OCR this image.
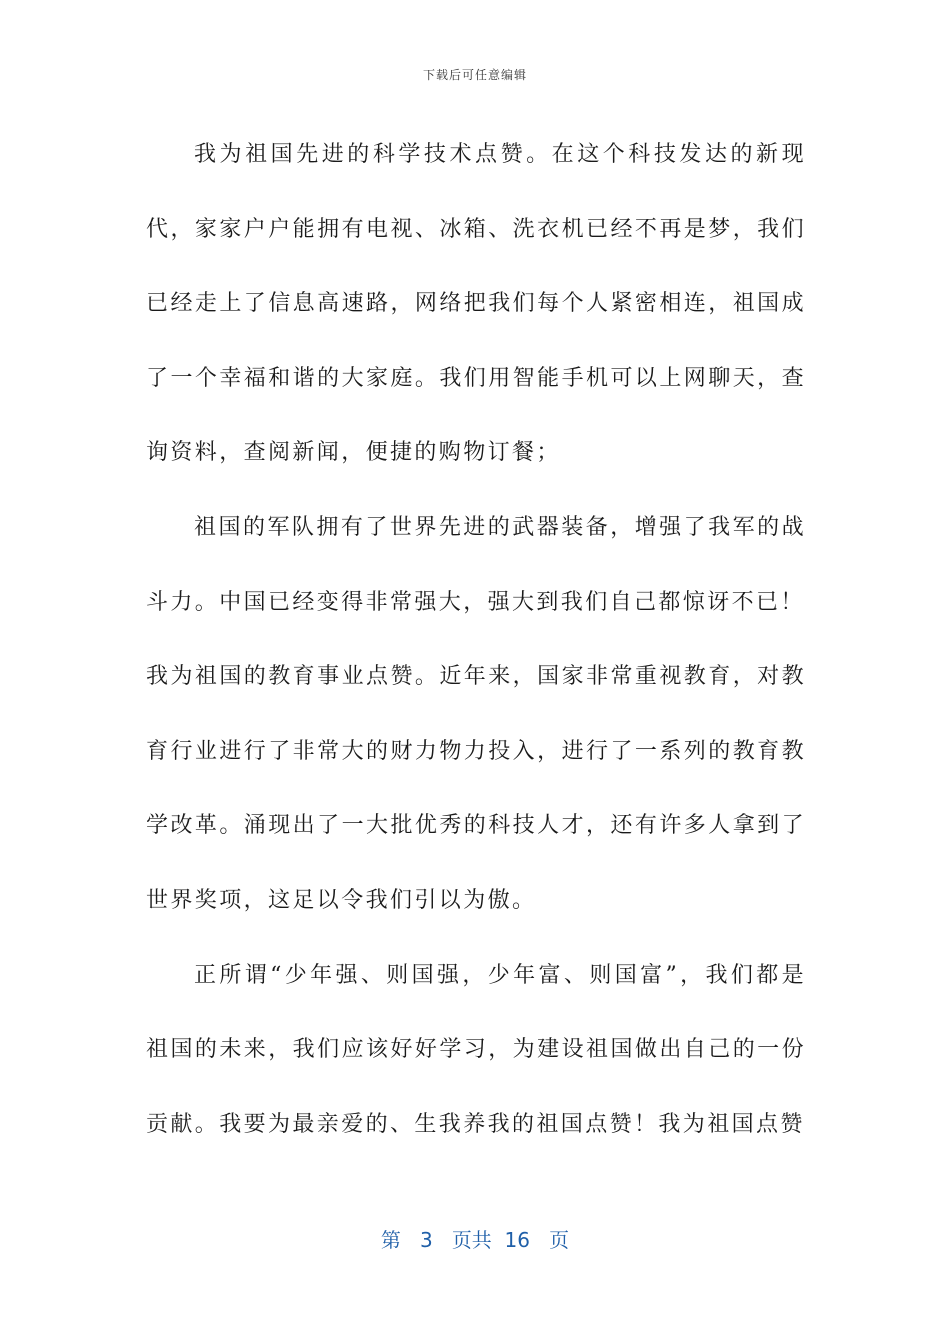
下载后可任意编辑

我为祖国先进的科学技术点赞。在这个科技发达的新现代，家家户户能拥有电视、冰箱、洗衣机已经不再是梦，我们已经走上了信息高速路，网络把我们每个人紧密相连，祖国成了一个幸福和谐的大家庭。我们用智能手机可以上网聊天，查询资料，查阅新闻，便捷的购物订餐；

祖国的军队拥有了世界先进的武器装备，增强了我军的战斗力。中国已经变得非常强大，强大到我们自己都惊讶不已！

我为祖国的教育事业点赞。近年来，国家非常重视教育，对教育行业进行了非常大的财力物力投入，进行了一系列的教育教学改革。涌现出了一大批优秀的科技人才，还有许多人拿到了世界奖项，这足以令我们引以为傲。

正所谓“少年强、则国强，少年富、则国富”，我们都是祖国的未来，我们应该好好学习，为建设祖国做出自己的一份贡献。我要为最亲爱的、生我养我的祖国点赞！我为祖国点赞

第 3 页共 16 页
